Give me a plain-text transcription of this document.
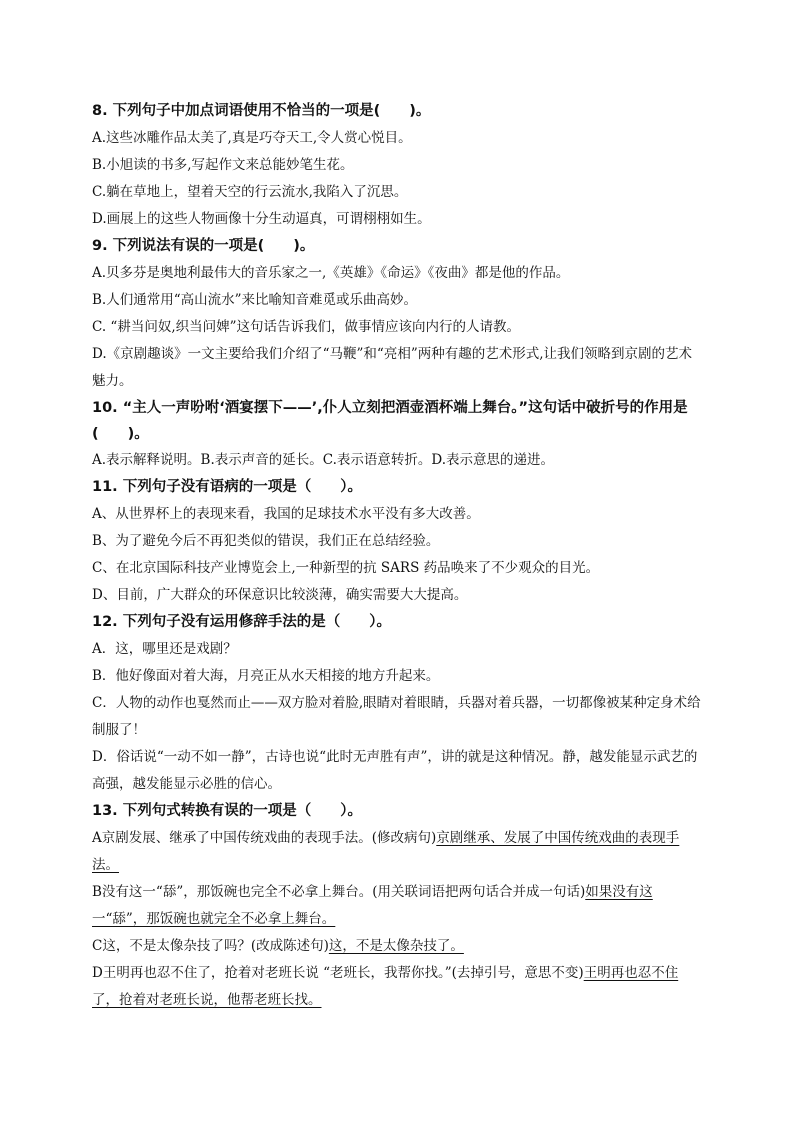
8. 下列句子中加点词语使用不恰当的一项是(　　)。

A.这些冰雕作品太美了,真是巧夺天工,令人赏心悦目。

B.小旭读的书多,写起作文来总能妙笔生花。

C.躺在草地上，望着天空的行云流水,我陷入了沉思。

D.画展上的这些人物画像十分生动逼真，可谓栩栩如生。

9. 下列说法有误的一项是(　　)。

A.贝多芬是奥地利最伟大的音乐家之一,《英雄》《命运》《夜曲》都是他的作品。

B.人们通常用“高山流水”来比喻知音难觅或乐曲高妙。

C. “耕当问奴,织当问婢”这句话告诉我们，做事情应该向内行的人请教。

D.《京剧趣谈》一文主要给我们介绍了“马鞭”和“亮相”两种有趣的艺术形式,让我们领略到京剧的艺术魅力。

10. “主人一声吩咐‘酒宴摆下——’,仆人立刻把酒壶酒杯端上舞台。”这句话中破折号的作用是(　　)。

A.表示解释说明。B.表示声音的延长。C.表示语意转折。D.表示意思的递进。

11. 下列句子没有语病的一项是（　　）。

A、从世界杯上的表现来看，我国的足球技术水平没有多大改善。

B、为了避免今后不再犯类似的错误，我们正在总结经验。

C、在北京国际科技产业博览会上,一种新型的抗 SARS 药品唤来了不少观众的目光。

D、目前，广大群众的环保意识比较淡薄，确实需要大大提高。

12. 下列句子没有运用修辞手法的是（　　）。

A．这，哪里还是戏剧？

B．他好像面对着大海，月亮正从水天相接的地方升起来。

C．人物的动作也戛然而止——双方脸对着脸,眼睛对着眼睛，兵器对着兵器，一切都像被某种定身术给制服了！

D．俗话说“一动不如一静”，古诗也说“此时无声胜有声”，讲的就是这种情况。静，越发能显示武艺的高强，越发能显示必胜的信心。

13. 下列句式转换有误的一项是（　　）。

A京剧发展、继承了中国传统戏曲的表现手法。(修改病句)京剧继承、发展了中国传统戏曲的表现手法。

B没有这一“舔”，那饭碗也完全不必拿上舞台。(用关联词语把两句话合并成一句话)如果没有这一“舔”，那饭碗也就完全不必拿上舞台。

C这，不是太像杂技了吗？(改成陈述句)这，不是太像杂技了。

D王明再也忍不住了，抢着对老班长说 “老班长，我帮你找。”(去掉引号，意思不变)王明再也忍不住了，抢着对老班长说，他帮老班长找。
